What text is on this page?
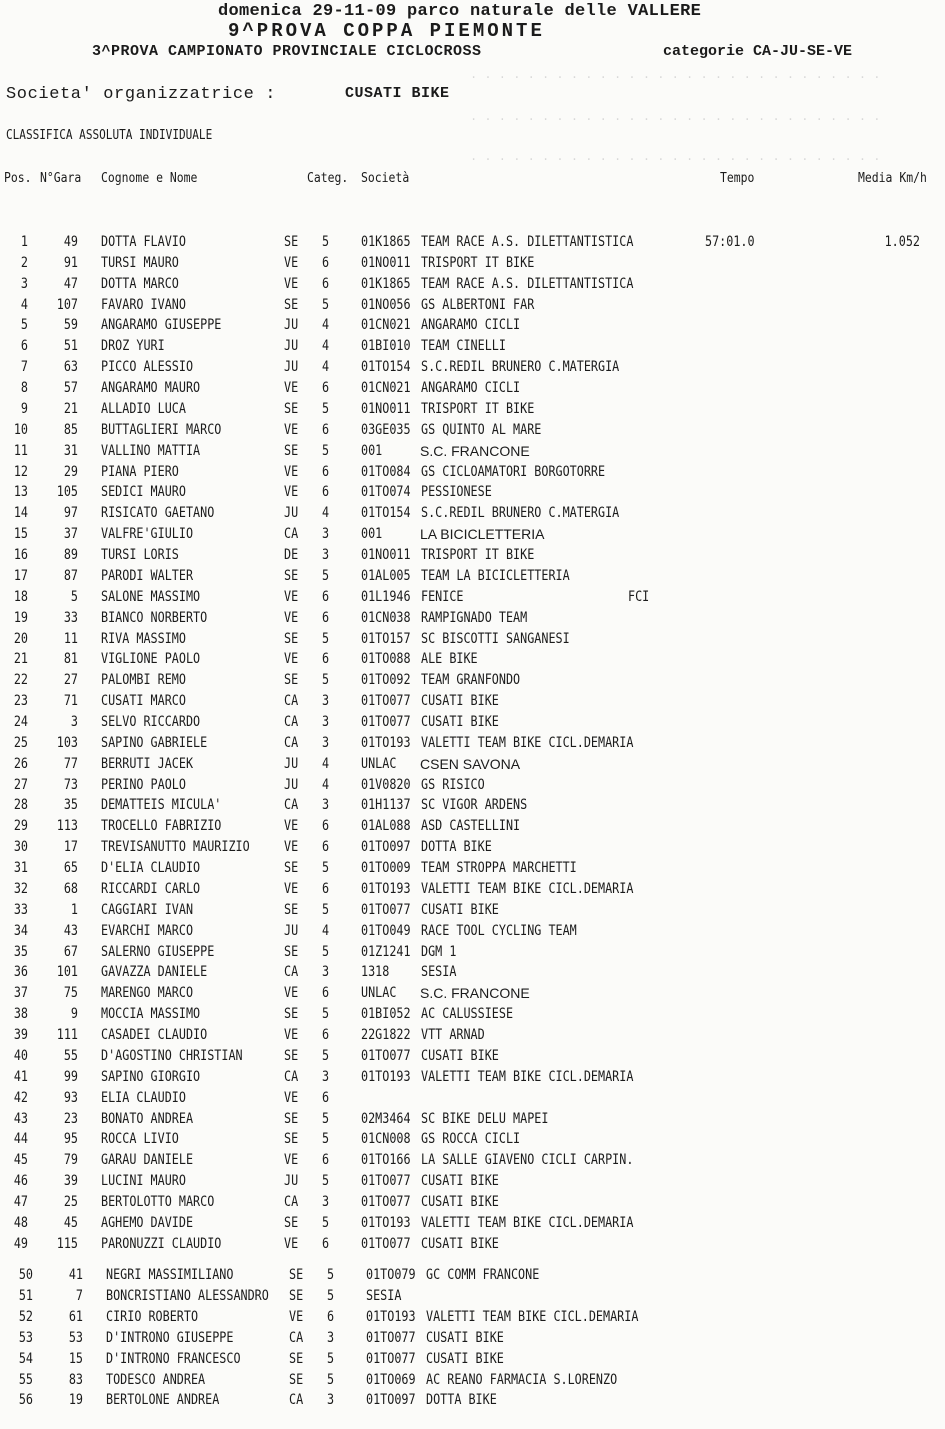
. . . . . . . . . . . . . . . . . . . . . . . . . . . . .
. . . . . . . . . . . . . . . . . . . . . . . . . . . . .
. . . . . . . . . . . . . . . . . . . . . . . . . . . . .
domenica 29-11-09 parco naturale delle VALLERE
9^PROVA COPPA PIEMONTE
3^PROVA CAMPIONATO PROVINCIALE CICLOCROSS	categorie CA-JU-SE-VE
Societa' organizzatrice :	CUSATI BIKE
CLASSIFICA ASSOLUTA INDIVIDUALE
Pos. N°Gara Cognome e Nome	Categ. Società	Tempo	Media Km/h
1	49 DOTTA FLAVIO	SE 5 01K1865 TEAM RACE A.S. DILETTANTISTICA	57:01.0	1.052
2	91 TURSI MAURO	VE 6 01NO011 TRISPORT IT BIKE
3	47 DOTTA MARCO	VE 6 01K1865 TEAM RACE A.S. DILETTANTISTICA
4 107 FAVARO IVANO	SE 5 01NO056 GS ALBERTONI FAR
5	59 ANGARAMO GIUSEPPE	JU 4 01CN021 ANGARAMO CICLI
6	51 DROZ YURI	JU 4 01BI010 TEAM CINELLI
7	63 PICCO ALESSIO	JU 4 01TO154 S.C.REDIL BRUNERO C.MATERGIA
8	57 ANGARAMO MAURO	VE 6 01CN021 ANGARAMO CICLI
9	21 ALLADIO LUCA	SE 5 01NO011 TRISPORT IT BIKE
10	85 BUTTAGLIERI MARCO	VE 6 03GE035 GS QUINTO AL MARE
11	31 VALLINO MATTIA	SE 5 001	S.C. FRANCONE
12	29 PIANA PIERO	VE 6 01TO084 GS CICLOAMATORI BORGOTORRE
13 105 SEDICI MAURO	VE 6 01TO074 PESSIONESE
14	97 RISICATO GAETANO	JU 4 01TO154 S.C.REDIL BRUNERO C.MATERGIA
15	37 VALFRE'GIULIO	CA 3 001	LA BICICLETTERIA
16	89 TURSI LORIS	DE 3 01NO011 TRISPORT IT BIKE
17	87 PARODI WALTER	SE 5 01AL005 TEAM LA BICICLETTERIA
18	5 SALONE MASSIMO	VE 6 01L1946 FENICE	FCI
19	33 BIANCO NORBERTO	VE 6 01CN038 RAMPIGNADO TEAM
20	11 RIVA MASSIMO	SE 5 01TO157 SC BISCOTTI SANGANESI
21	81 VIGLIONE PAOLO	VE 6 01TO088 ALE BIKE
22	27 PALOMBI REMO	SE 5 01TO092 TEAM GRANFONDO
23	71 CUSATI MARCO	CA 3 01TO077 CUSATI BIKE
24	3 SELVO RICCARDO	CA 3 01TO077 CUSATI BIKE
25 103 SAPINO GABRIELE	CA 3 01TO193 VALETTI TEAM BIKE CICL.DEMARIA
26	77 BERRUTI JACEK	JU 4 UNLAC CSEN SAVONA
27	73 PERINO PAOLO	JU 4 01V0820 GS RISICO
28	35 DEMATTEIS MICULA'	CA 3 01H1137 SC VIGOR ARDENS
29 113 TROCELLO FABRIZIO	VE 6 01AL088 ASD CASTELLINI
30	17 TREVISANUTTO MAURIZIO VE 6 01TO097 DOTTA BIKE
31	65 D'ELIA CLAUDIO	SE 5 01TO009 TEAM STROPPA MARCHETTI
32	68 RICCARDI CARLO	VE 6 01TO193 VALETTI TEAM BIKE CICL.DEMARIA
33	1 CAGGIARI IVAN	SE 5 01TO077 CUSATI BIKE
34	43 EVARCHI MARCO	JU 4 01TO049 RACE TOOL CYCLING TEAM
35	67 SALERNO GIUSEPPE	SE 5 01Z1241 DGM 1
36 101 GAVAZZA DANIELE	CA 3 1318 SESIA
37	75 MARENGO MARCO	VE 6 UNLAC S.C. FRANCONE
38	9 MOCCIA MASSIMO	SE 5 01BI052 AC CALUSSIESE
39 111 CASADEI CLAUDIO	VE 6 22G1822 VTT ARNAD
40	55 D'AGOSTINO CHRISTIAN	SE 5 01TO077 CUSATI BIKE
41	99 SAPINO GIORGIO	CA 3 01TO193 VALETTI TEAM BIKE CICL.DEMARIA
42	93 ELIA CLAUDIO	VE 6
43	23 BONATO ANDREA	SE 5 02M3464 SC BIKE DELU MAPEI
44	95 ROCCA LIVIO	SE 5 01CN008 GS ROCCA CICLI
45	79 GARAU DANIELE	VE 6 01TO166 LA SALLE GIAVENO CICLI CARPIN.
46	39 LUCINI MAURO	JU 5 01TO077 CUSATI BIKE
47	25 BERTOLOTTO MARCO	CA 3 01TO077 CUSATI BIKE
48	45 AGHEMO DAVIDE	SE 5 01TO193 VALETTI TEAM BIKE CICL.DEMARIA
49 115 PARONUZZI CLAUDIO	VE 6 01TO077 CUSATI BIKE
50	41 NEGRI MASSIMILIANO	SE 5 01TO079 GC COMM FRANCONE
51	7 BONCRISTIANO ALESSANDRO SE 5 SESIA
52	61 CIRIO ROBERTO	VE 6 01TO193 VALETTI TEAM BIKE CICL.DEMARIA
53	53 D'INTRONO GIUSEPPE	CA 3 01TO077 CUSATI BIKE
54	15 D'INTRONO FRANCESCO	SE 5 01TO077 CUSATI BIKE
55	83 TODESCO ANDREA	SE 5 01TO069 AC REANO FARMACIA S.LORENZO
56	19 BERTOLONE ANDREA	CA 3 01TO097 DOTTA BIKE
